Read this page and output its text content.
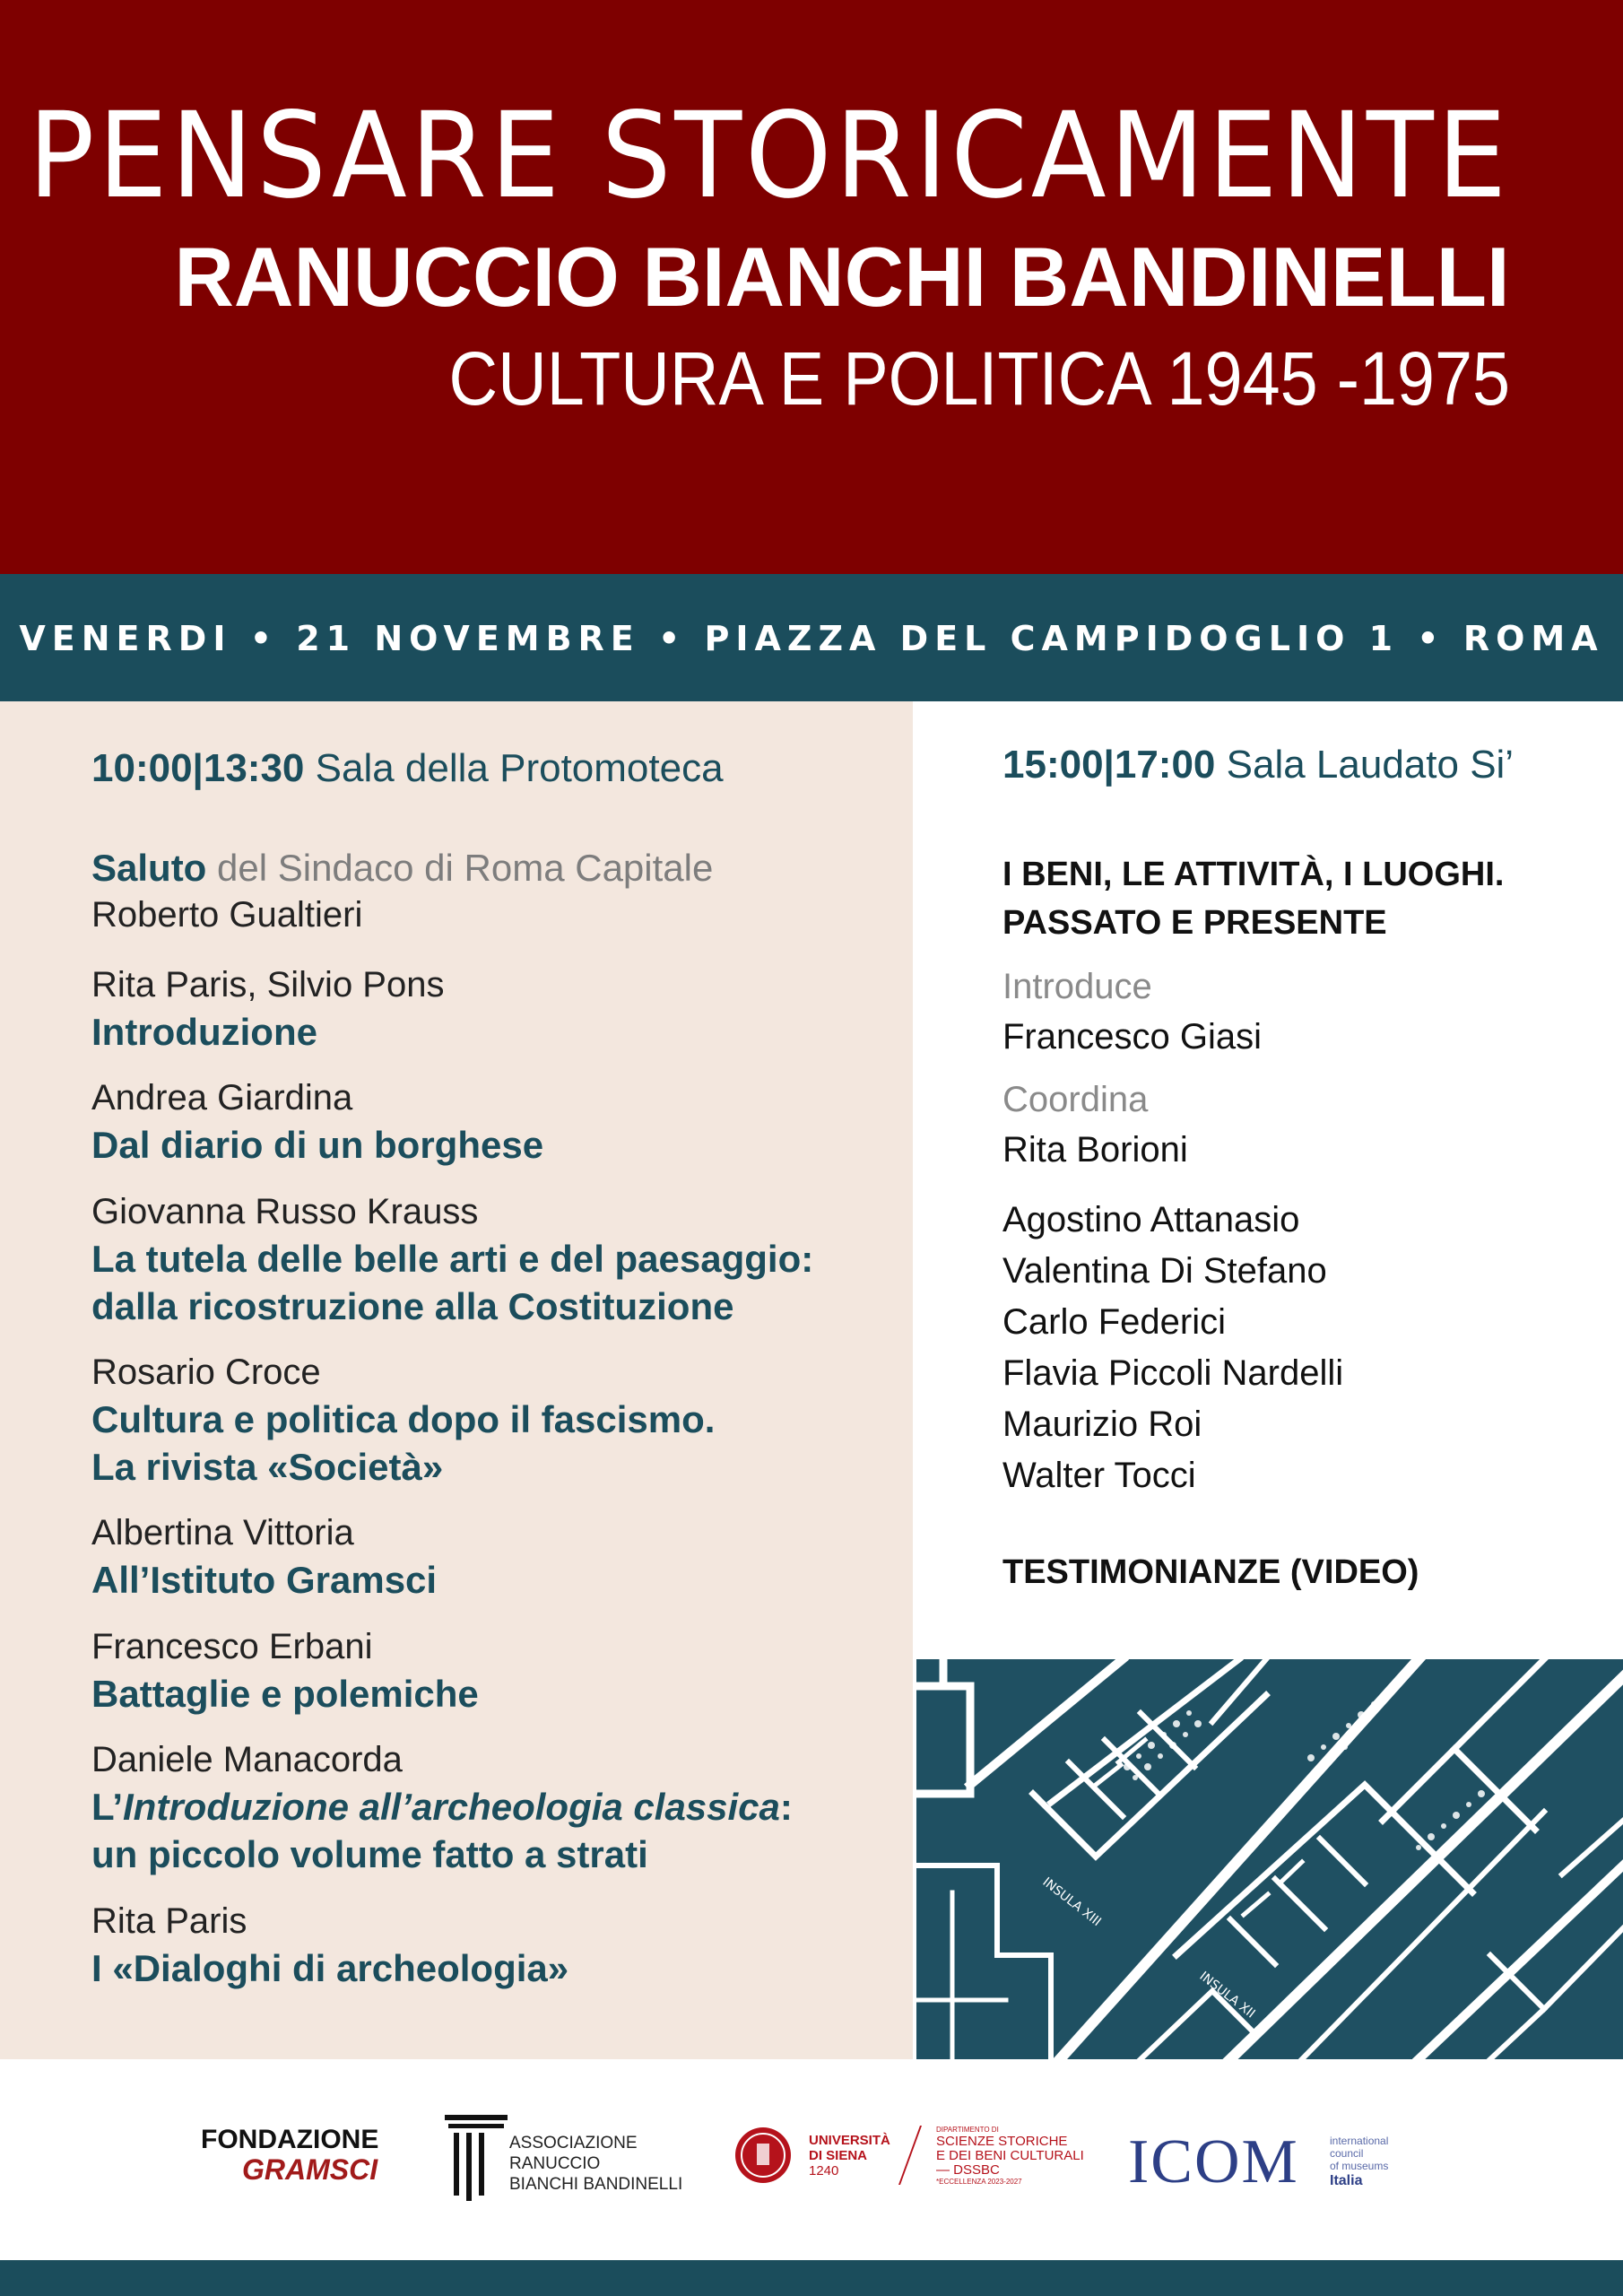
PENSARE STORICAMENTE
RANUCCIO BIANCHI BANDINELLI
CULTURA E POLITICA 1945 -1975
VENERDI • 21 NOVEMBRE • PIAZZA DEL CAMPIDOGLIO 1 • ROMA
10:00|13:30 Sala della Protomoteca
Saluto del Sindaco di Roma Capitale
Roberto Gualtieri
Rita Paris, Silvio Pons
Introduzione
Andrea Giardina
Dal diario di un borghese
Giovanna Russo Krauss
La tutela delle belle arti e del paesaggio:
dalla ricostruzione alla Costituzione
Rosario Croce
Cultura e politica dopo il fascismo.
La rivista «Società»
Albertina Vittoria
All’Istituto Gramsci
Francesco Erbani
Battaglie e polemiche
Daniele Manacorda
L’Introduzione all’archeologia classica:
un piccolo volume fatto a strati
Rita Paris
I «Dialoghi di archeologia»
15:00|17:00 Sala Laudato Si’
I BENI, LE ATTIVITÀ, I LUOGHI.
PASSATO E PRESENTE
Introduce
Francesco Giasi
Coordina
Rita Borioni
Agostino Attanasio
Valentina Di Stefano
Carlo Federici
Flavia Piccoli Nardelli
Maurizio Roi
Walter Tocci
TESTIMONIANZE (VIDEO)
INSULA XIII
INSULA XII
FONDAZIONE
GRAMSCI
ASSOCIAZIONE
RANUCCIO
BIANCHI BANDINELLI
UNIVERSITÀ
DI SIENA
1240
DIPARTIMENTO DI
SCIENZE STORICHE
E DEI BENI CULTURALI
— DSSBC
*ECCELLENZA 2023-2027	ICOM	international
council
of museums
Italia
